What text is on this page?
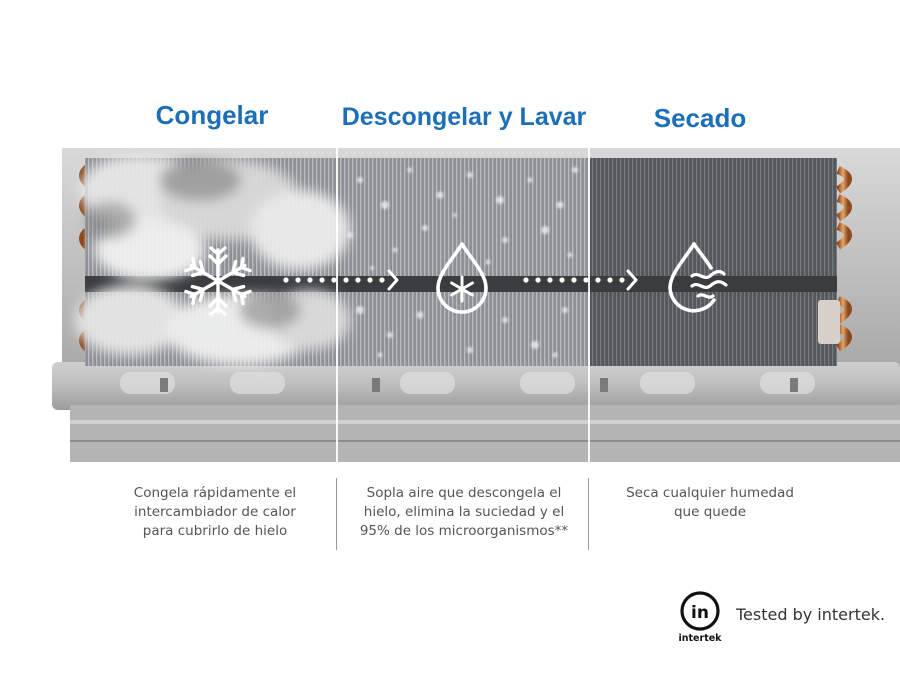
Congelar	Descongelar y Lavar	Secado
Congela rápidamente el
intercambiador de calor
para cubrirlo de hielo
Sopla aire que descongela el
hielo, elimina la suciedad y el
95% de los microorganismos**
Seca cualquier humedad
que quede
in
intertek
Tested by intertek.
